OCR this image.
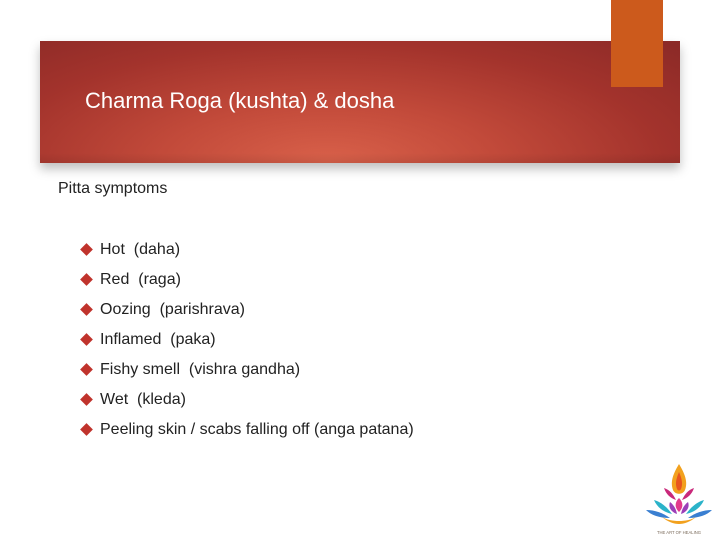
Charma Roga (kushta) & dosha

Pitta symptoms

Hot  (daha)
Red  (raga)
Oozing  (parishrava)
Inflamed  (paka)
Fishy smell  (vishra gandha)
Wet  (kleda)
Peeling skin / scabs falling off (anga patana)
THE ART OF HEALING
